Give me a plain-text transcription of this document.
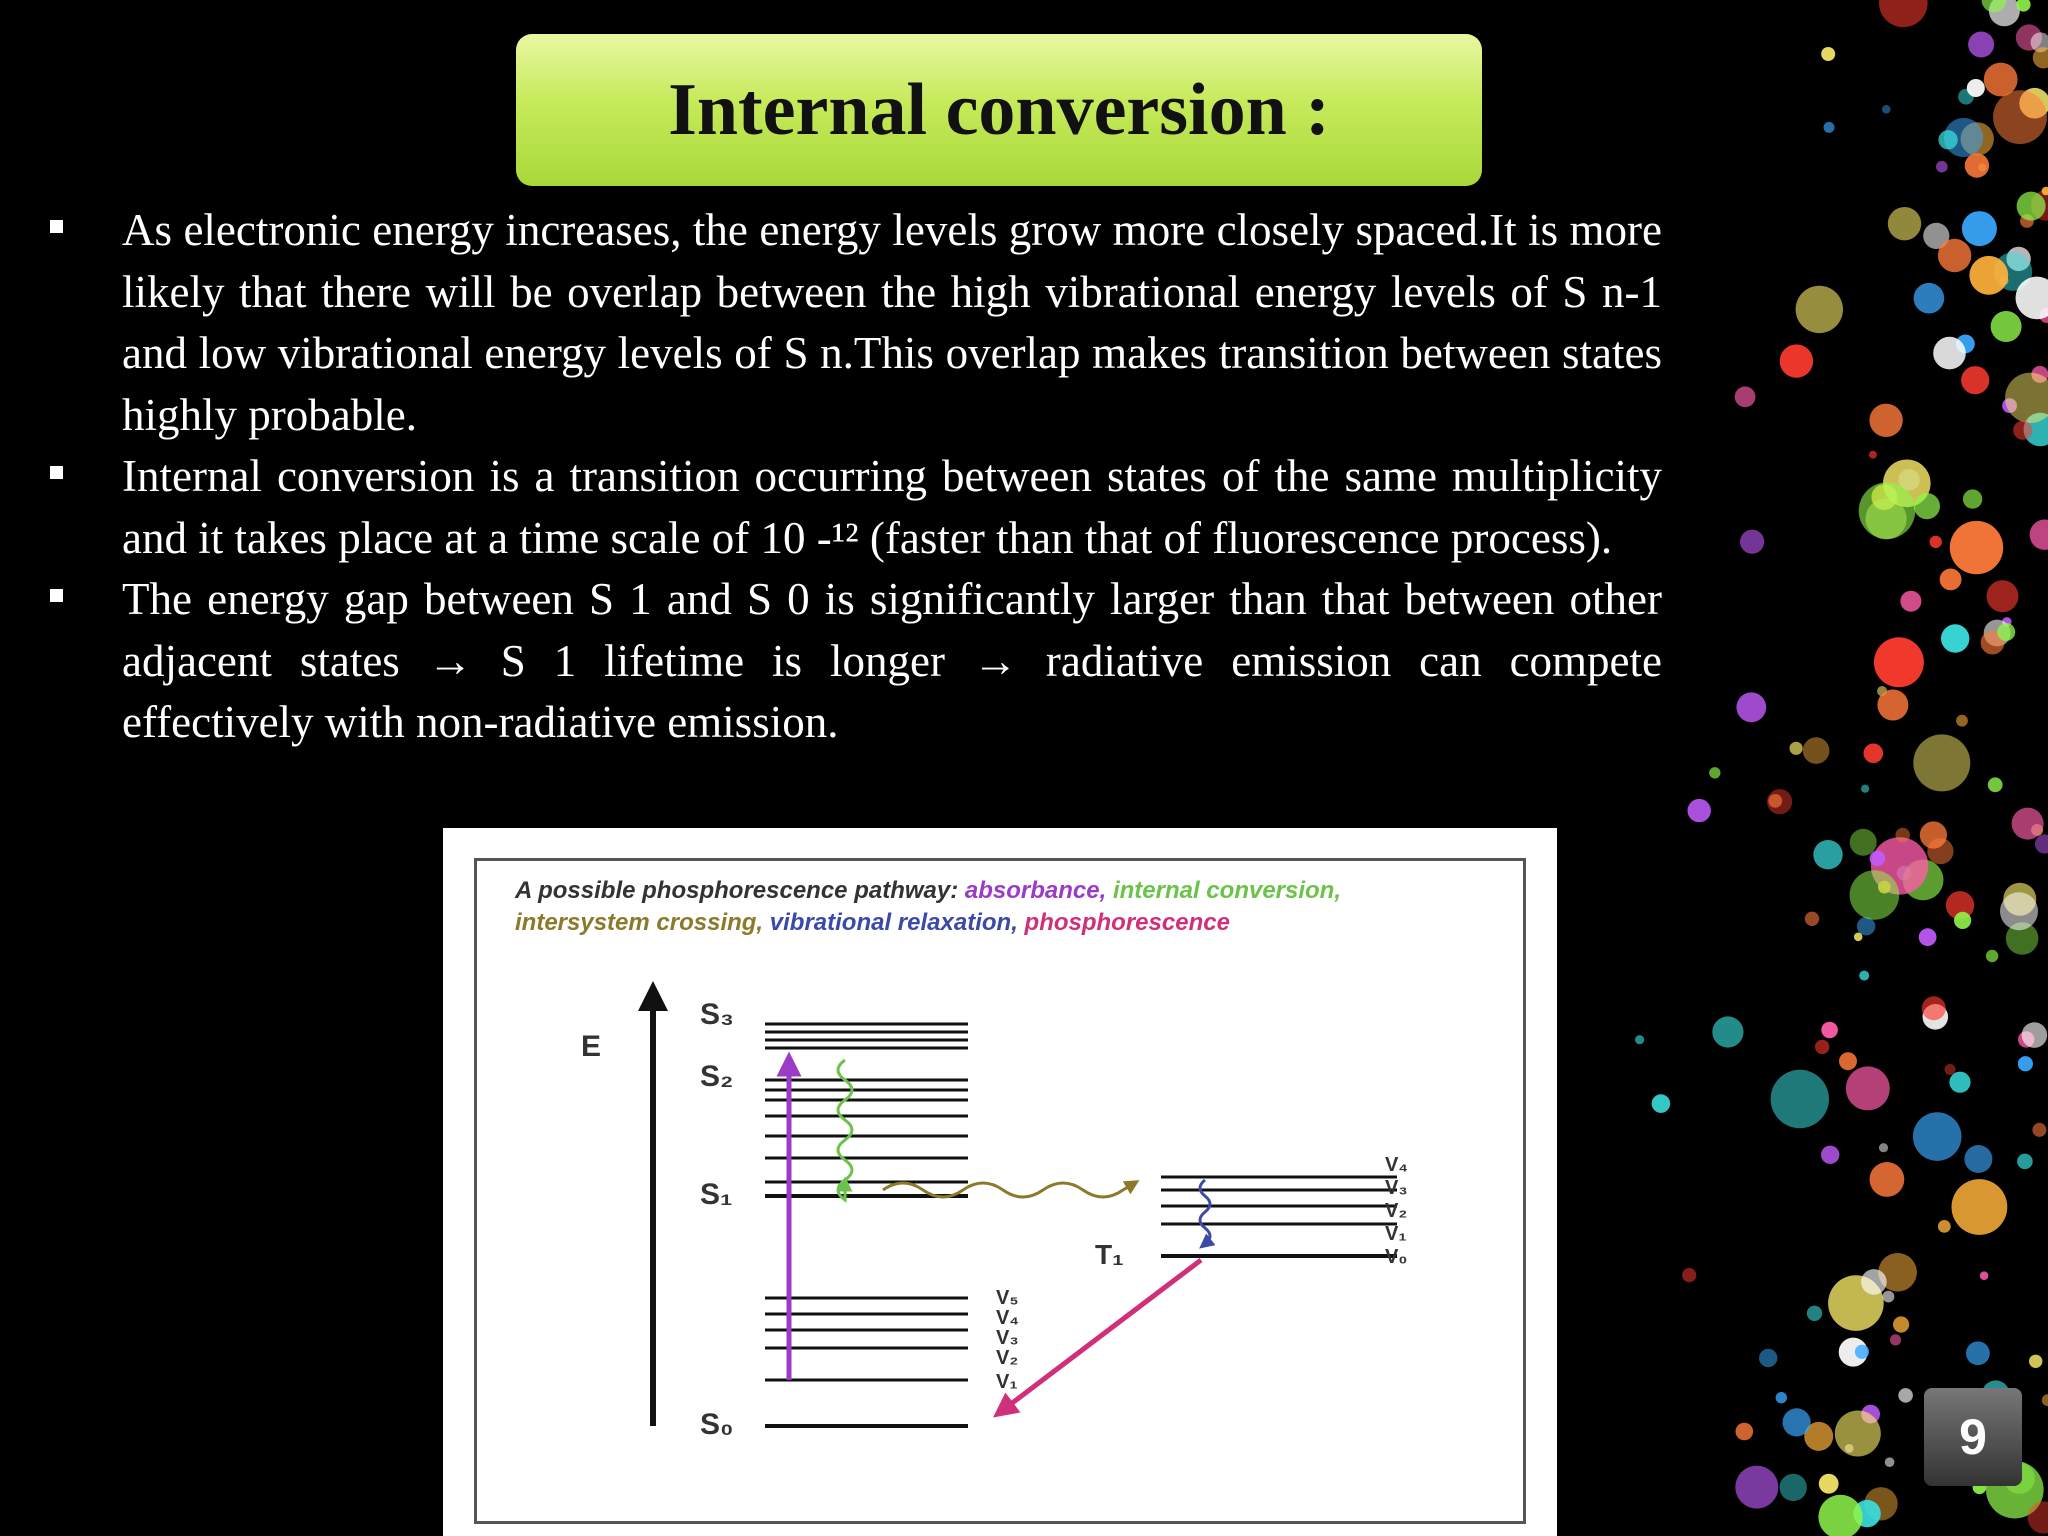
Internal conversion :
As electronic energy increases, the energy levels grow more closely spaced.It is more likely that there will be overlap between the high vibrational energy levels of S n-1 and low vibrational energy levels of S n.This overlap makes transition between states highly probable.
Internal conversion is a transition occurring between states of the same multiplicity and it takes place at a time scale of 10 -¹² (faster than that of fluorescence process).
The energy gap between S 1 and S 0 is significantly larger than that between other adjacent states → S 1 lifetime is longer → radiative emission can compete effectively with non-radiative emission.
A possible phosphorescence pathway: absorbance, internal conversion, intersystem crossing, vibrational relaxation, phosphorescence
E
S₃
S₂
S₁
S₀
T₁
V₄
V₃
V₂
V₁
V₀
V₅
V₄
V₃
V₂
V₁
9
